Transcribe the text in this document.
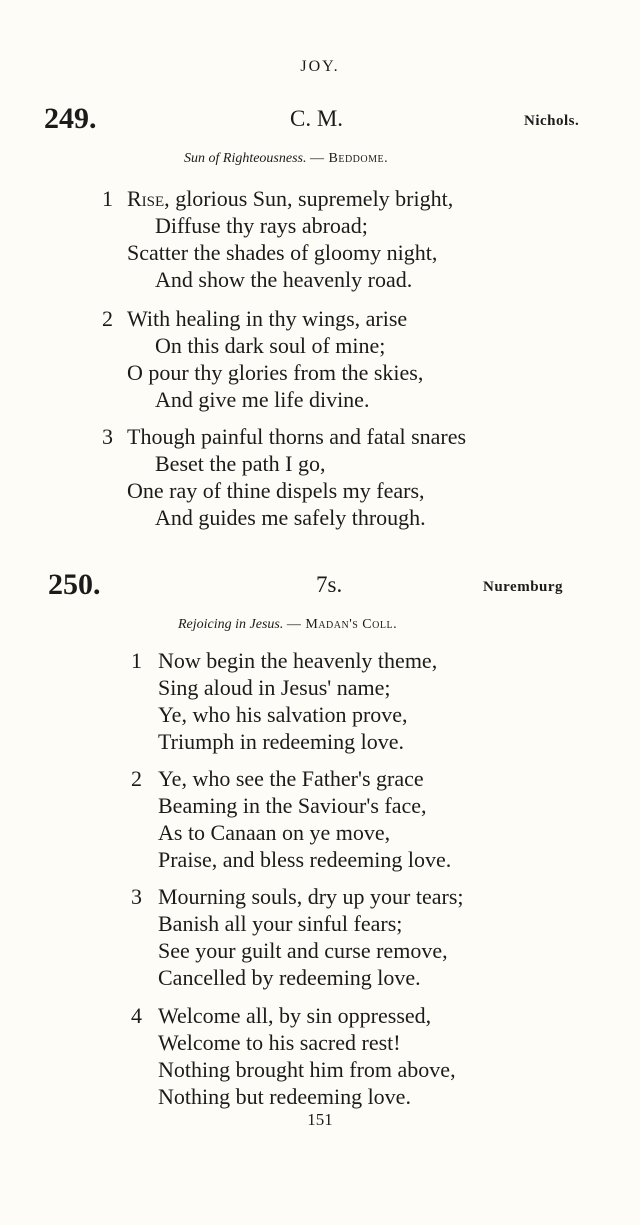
JOY.
249.	C. M.	Nichols.
Sun of Righteousness. — Beddome.
1 Rise, glorious Sun, supremely bright,
Diffuse thy rays abroad;
Scatter the shades of gloomy night,
And show the heavenly road.
2 With healing in thy wings, arise
On this dark soul of mine;
O pour thy glories from the skies,
And give me life divine.
3 Though painful thorns and fatal snares
Beset the path I go,
One ray of thine dispels my fears,
And guides me safely through.
250.	7s.	Nuremburg
Rejoicing in Jesus. — Madan's Coll.
1 Now begin the heavenly theme,
Sing aloud in Jesus' name;
Ye, who his salvation prove,
Triumph in redeeming love.
2 Ye, who see the Father's grace
Beaming in the Saviour's face,
As to Canaan on ye move,
Praise, and bless redeeming love.
3 Mourning souls, dry up your tears;
Banish all your sinful fears;
See your guilt and curse remove,
Cancelled by redeeming love.
4 Welcome all, by sin oppressed,
Welcome to his sacred rest!
Nothing brought him from above,
Nothing but redeeming love.
151
